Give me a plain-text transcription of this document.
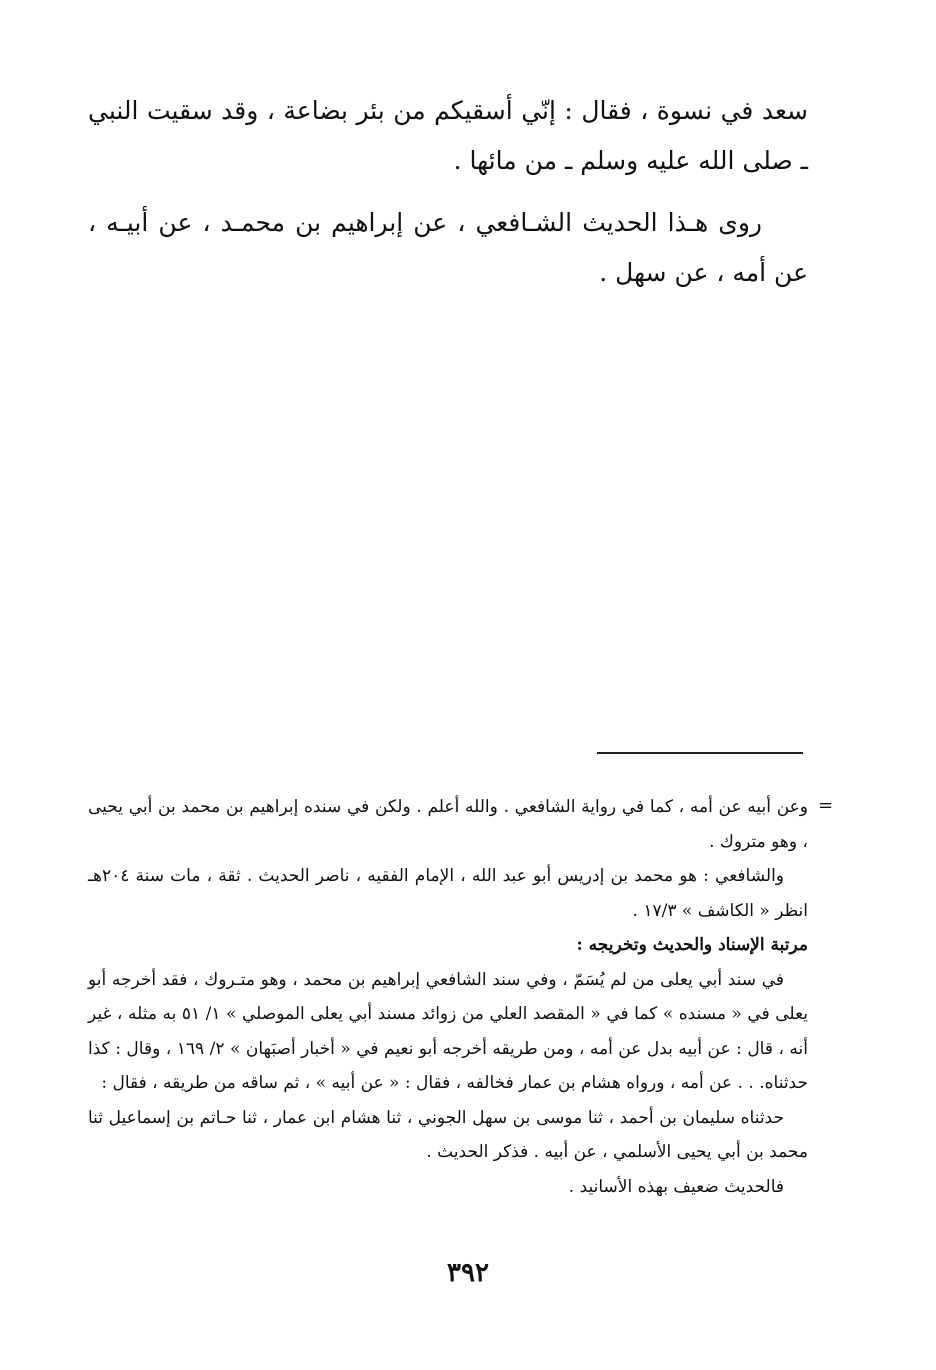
سعد في نسوة ، فقال : إنّي أسقيكم من بئر بضاعة ، وقد سقيت النبي ـ صلى الله عليه وسلم ـ من مائها .

روى هـذا الحديث الشـافعي ، عن إبراهيم بن محمـد ، عن أبيـه ، عن أمه ، عن سهل .

=

وعن أبيه عن أمه ، كما في رواية الشافعي . والله أعلم . ولكن في سنده إبراهيم بن محمد بن أبي يحيى ، وهو متروك .

والشافعي : هو محمد بن إدريس أبو عبد الله ، الإمام الفقيه ، ناصر الحديث . ثقة ، مات سنة ٢٠٤هـ انظر « الكاشف » ١٧/٣ .

مرتبة الإسناد والحديث وتخريجه :

في سند أبي يعلى من لم يُسَمّ ، وفي سند الشافعي إبراهيم بن محمد ، وهو متـروك ، فقد أخرجه أبو يعلى في « مسنده » كما في « المقصد العلي من زوائد مسند أبي يعلى الموصلي » ١/ ٥١ به مثله ، غير أنه ، قال : عن أبيه بدل عن أمه ، ومن طريقه أخرجه أبو نعيم في « أخبار أصبَهان » ٢/ ١٦٩ ، وقال : كذا حدثناه. . . عن أمه ، ورواه هشام بن عمار فخالفه ، فقال : « عن أبيه » ، ثم ساقه من طريقه ، فقال :

حدثناه سليمان بن أحمد ، ثنا موسى بن سهل الجوني ، ثنا هشام ابن عمار ، ثنا حـاتم بن إسماعيل ثنا محمد بن أبي يحيى الأسلمي ، عن أبيه . فذكر الحديث .

فالحديث ضعيف بهذه الأسانيد .

٣٩٢
